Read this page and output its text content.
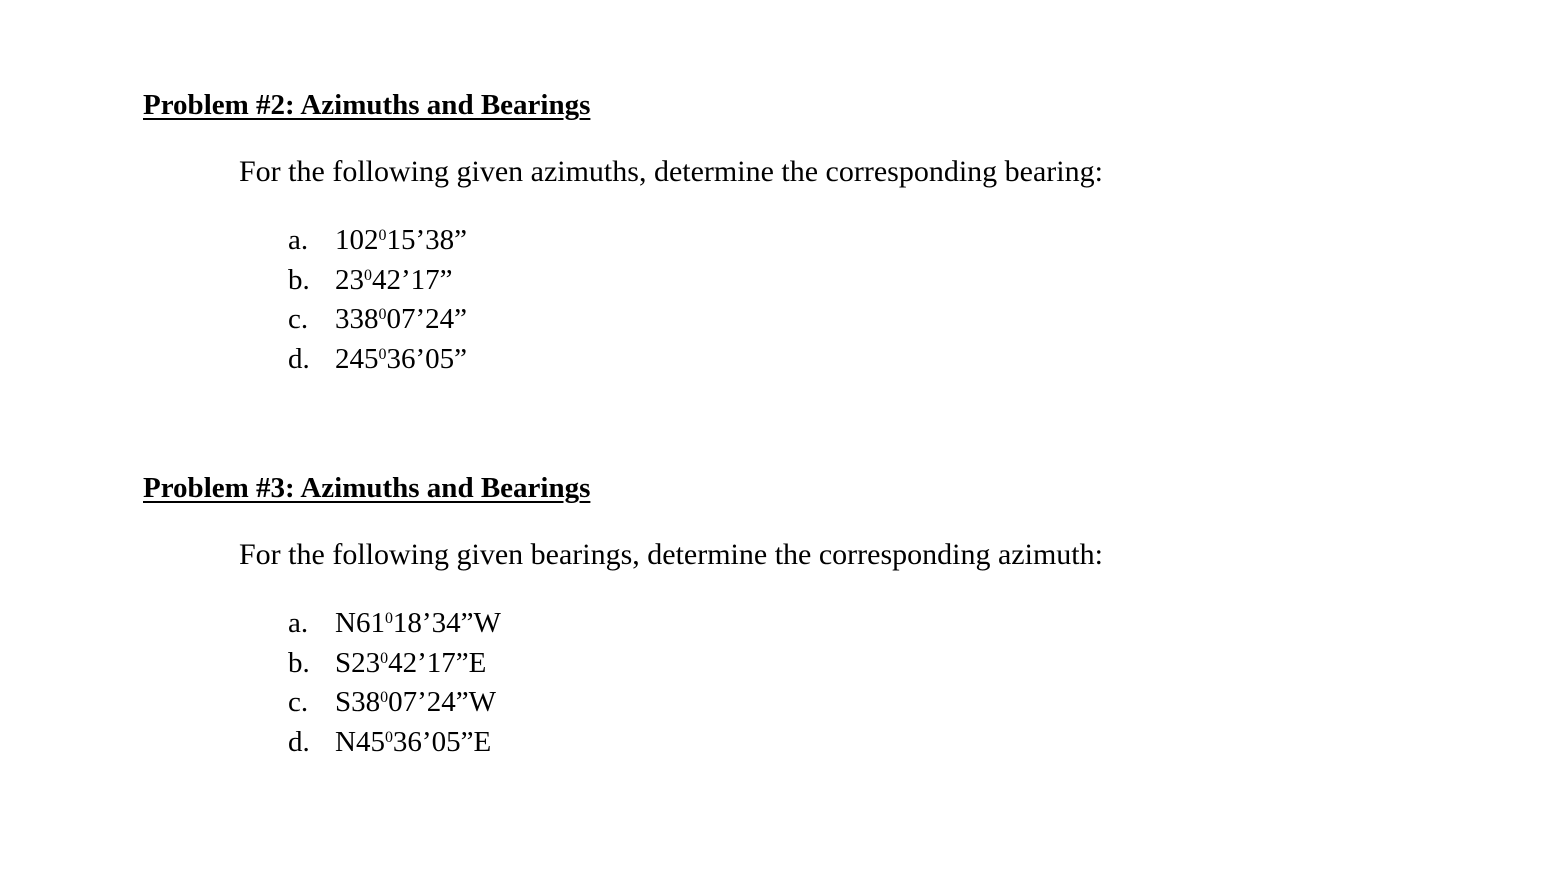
Problem #2: Azimuths and Bearings

For the following given azimuths, determine the corresponding bearing:

a. $102^015’38$”
b. $23^042’17$”
c. $338^007’24$”
d. $245^036’05$”
Problem #3: Azimuths and Bearings

For the following given bearings, determine the corresponding azimuth:

a. $N61^018’34”W$
b. $S23^042’17”E$
c. $S38^007’24”W$
d. $N45^036’05”E$
